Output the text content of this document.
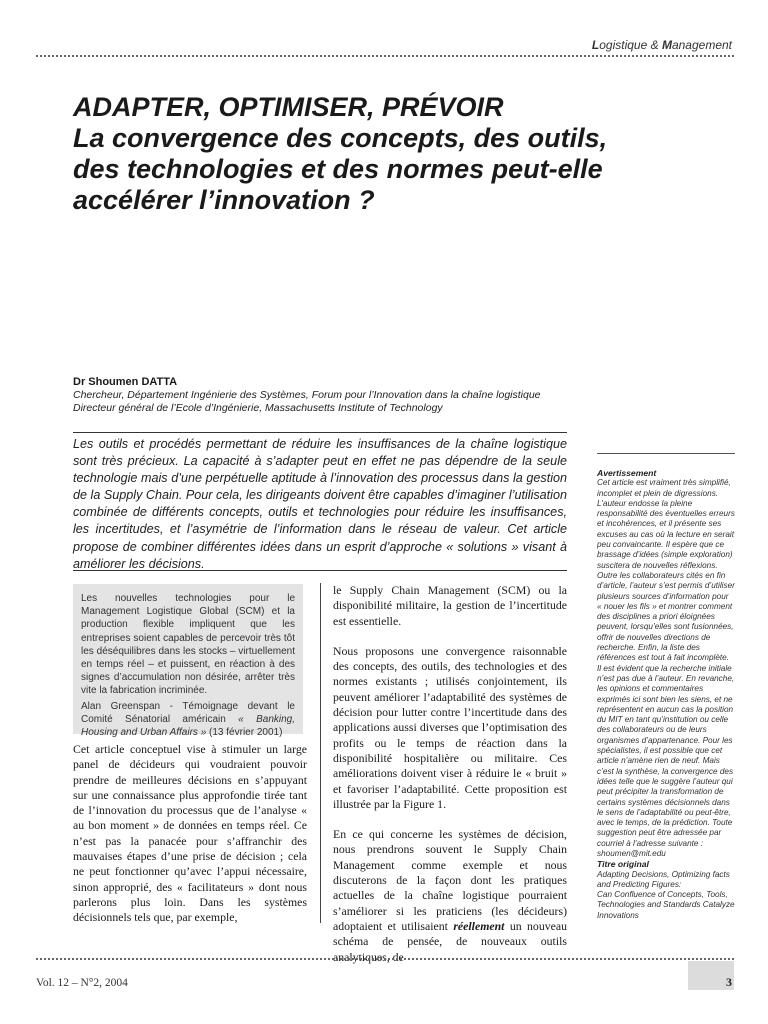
Logistique & Management
ADAPTER, OPTIMISER, PRÉVOIR
La convergence des concepts, des outils,
des technologies et des normes peut-elle
accélérer l’innovation ?
Dr Shoumen DATTA
Chercheur, Département Ingénierie des Systèmes, Forum pour l’Innovation dans la chaîne logistique
Directeur général de l’Ecole d’Ingénierie, Massachusetts Institute of Technology
Les outils et procédés permettant de réduire les insuffisances de la chaîne logistique sont très précieux. La capacité à s’adapter peut en effet ne pas dépendre de la seule technologie mais d’une perpétuelle aptitude à l’innovation des processus dans la gestion de la Supply Chain. Pour cela, les dirigeants doivent être capables d’imaginer l’utilisation combinée de différents concepts, outils et technologies pour réduire les insuffisances, les incertitudes, et l’asymétrie de l’information dans le réseau de valeur. Cet article propose de combiner différentes idées dans un esprit d’approche « solutions » visant à améliorer les décisions.

Les nouvelles technologies pour le Management Logistique Global (SCM) et la production flexible impliquent que les entreprises soient capables de percevoir très tôt les déséquilibres dans les stocks – virtuellement en temps réel – et puissent, en réaction à des signes d’accumulation non désirée, arrêter très vite la fabrication incriminée.

Alan Greenspan - Témoignage devant le Comité Sénatorial américain « Banking, Housing and Urban Affairs » (13 février 2001)

Cet article conceptuel vise à stimuler un large panel de décideurs qui voudraient pouvoir prendre de meilleures décisions en s’appuyant sur une connaissance plus approfondie tirée tant de l’innovation du processus que de l’analyse « au bon moment » de données en temps réel. Ce n’est pas la panacée pour s’affranchir des mauvaises étapes d’une prise de décision ; cela ne peut fonctionner qu’avec l’appui nécessaire, sinon approprié, des « facilitateurs » dont nous parlerons plus loin. Dans les systèmes décisionnels tels que, par exemple,

le Supply Chain Management (SCM) ou la disponibilité militaire, la gestion de l’incertitude est essentielle.

Nous proposons une convergence raisonnable des concepts, des outils, des technologies et des normes existants ; utilisés conjointement, ils peuvent améliorer l’adaptabilité des systèmes de décision pour lutter contre l’incertitude dans des applications aussi diverses que l’optimisation des profits ou le temps de réaction dans la disponibilité hospitalière ou militaire. Ces améliorations doivent viser à réduire le « bruit » et favoriser l’adaptabilité. Cette proposition est illustrée par la Figure 1.

En ce qui concerne les systèmes de décision, nous prendrons souvent le Supply Chain Management comme exemple et nous discuterons de la façon dont les pratiques actuelles de la chaîne logistique pourraient s’améliorer si les praticiens (les décideurs) adoptaient et utilisaient réellement un nouveau schéma de pensée, de nouveaux outils analytiques, de

Avertissement

Cet article est vraiment très simplifié, incomplet et plein de digressions. L’auteur endosse la pleine responsabilité des éventuelles erreurs et incohérences, et il présente ses excuses au cas où la lecture en serait peu convaincante. Il espère que ce brassage d’idées (simple exploration) suscitera de nouvelles réflexions. Outre les collaborateurs cités en fin d’article, l’auteur s’est permis d’utiliser plusieurs sources d’information pour « nouer les fils » et montrer comment des disciplines a priori éloignées peuvent, lorsqu’elles sont fusionnées, offrir de nouvelles directions de recherche. Enfin, la liste des références est tout à fait incomplète. Il est évident que la recherche initiale n’est pas due à l’auteur. En revanche, les opinions et commentaires exprimés ici sont bien les siens, et ne représentent en aucun cas la position du MIT en tant qu’institution ou celle des collaborateurs ou de leurs organismes d’appartenance. Pour les spécialistes, il est possible que cet article n’amène rien de neuf. Mais c’est la synthèse, la convergence des idées telle que le suggère l’auteur qui peut précipiter la transformation de certains systèmes décisionnels dans le sens de l’adaptabilité ou peut-être, avec le temps, de la prédiction. Toute suggestion peut être adressée par courriel à l’adresse suivante : shoumen@mit.edu

Titre original

Adapting Decisions, Optimizing facts and Predicting Figures:

Can Confluence of Concepts, Tools, Technologies and Standards Catalyze Innovations

Vol. 12 – N°2, 2004	3
